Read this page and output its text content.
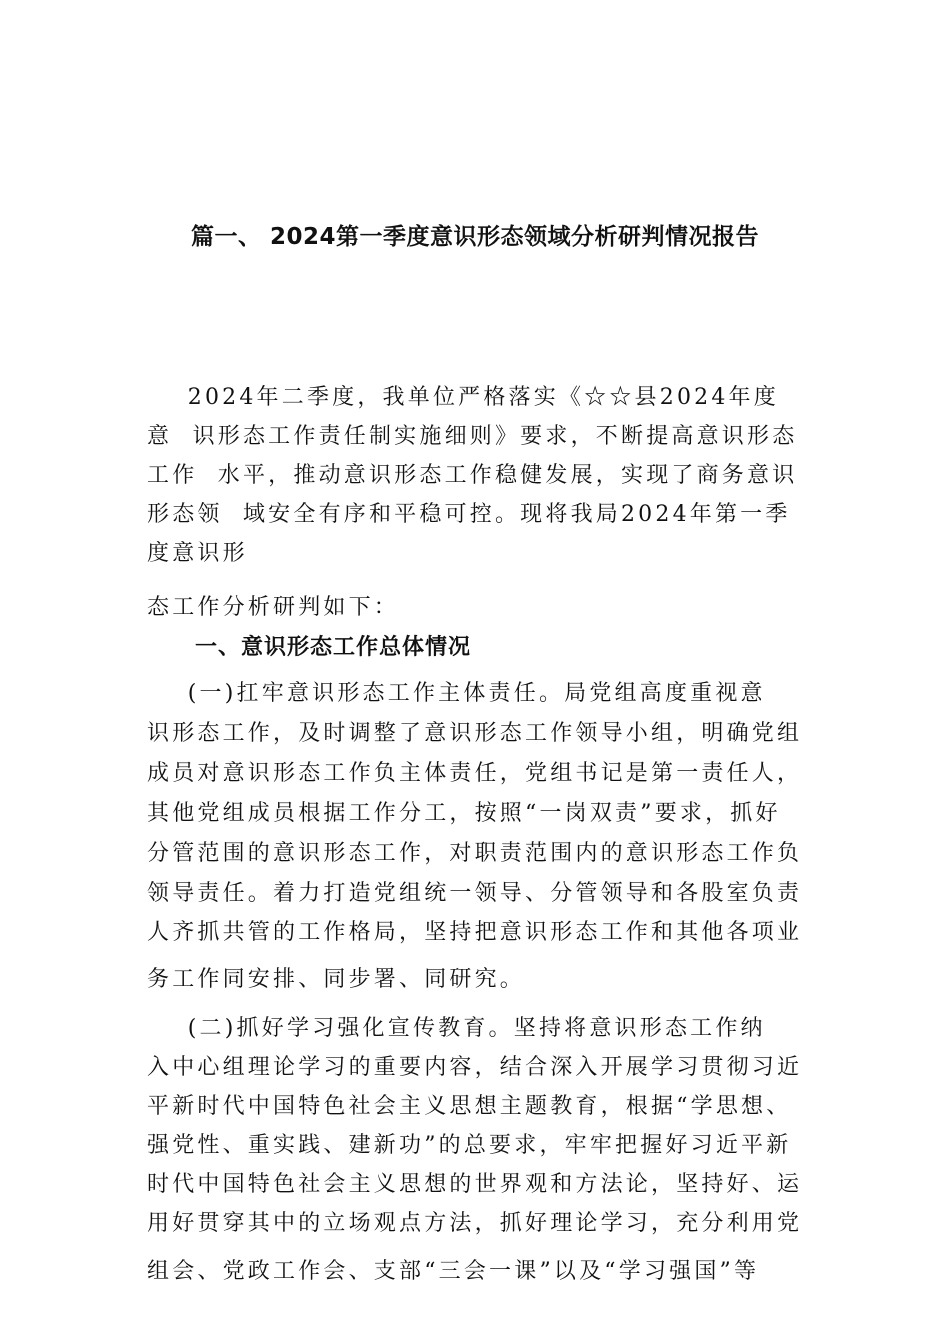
篇一、 2024第一季度意识形态领域分析研判情况报告
2024年二季度，我单位严格落实《☆☆县2024年度
意  识形态工作责任制实施细则》要求，不断提高意识形态
工作  水平，推动意识形态工作稳健发展，实现了商务意识
形态领  域安全有序和平稳可控。现将我局2024年第一季
度意识形
态工作分析研判如下：
一、意识形态工作总体情况
(一)扛牢意识形态工作主体责任。局党组高度重视意
识形态工作，及时调整了意识形态工作领导小组，明确党组
成员对意识形态工作负主体责任，党组书记是第一责任人，
其他党组成员根据工作分工，按照“一岗双责”要求，抓好
分管范围的意识形态工作，对职责范围内的意识形态工作负
领导责任。着力打造党组统一领导、分管领导和各股室负责
人齐抓共管的工作格局，坚持把意识形态工作和其他各项业
务工作同安排、同步署、同研究。
(二)抓好学习强化宣传教育。坚持将意识形态工作纳
入中心组理论学习的重要内容，结合深入开展学习贯彻习近
平新时代中国特色社会主义思想主题教育，根据“学思想、
强党性、重实践、建新功”的总要求，牢牢把握好习近平新
时代中国特色社会主义思想的世界观和方法论，坚持好、运
用好贯穿其中的立场观点方法，抓好理论学习，充分利用党
组会、党政工作会、支部“三会一课”以及“学习强国”等
